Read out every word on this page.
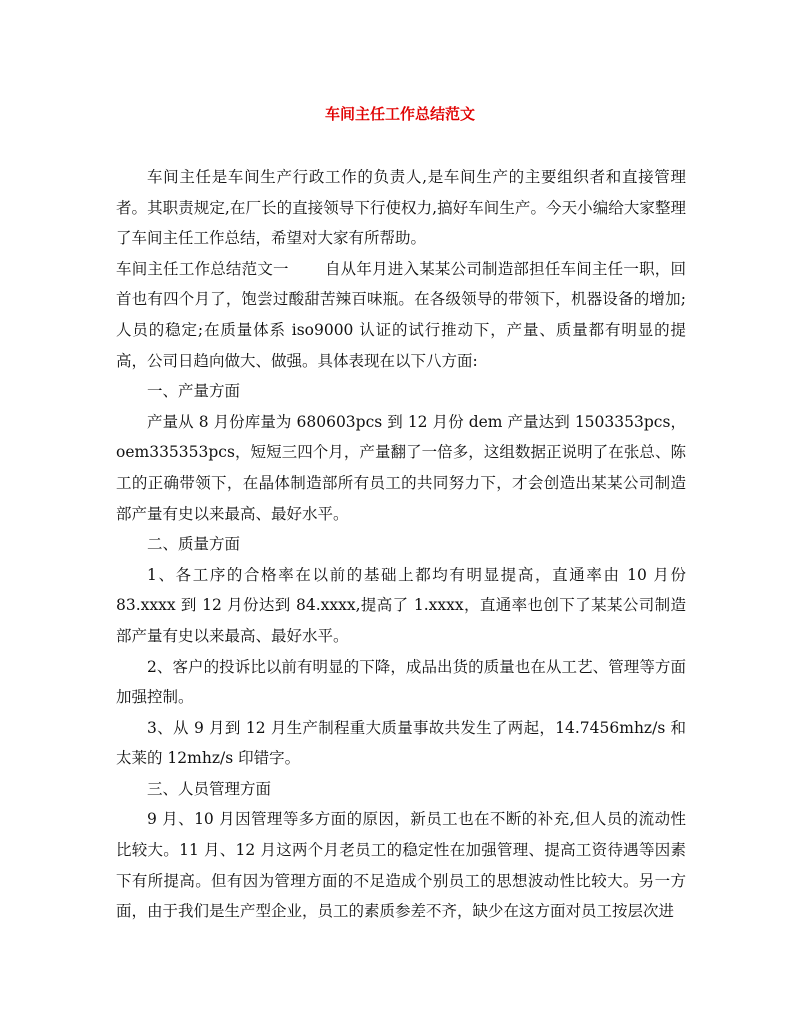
车间主任工作总结范文

车间主任是车间生产行政工作的负责人,是车间生产的主要组织者和直接管理者。其职责规定,在厂长的直接领导下行使权力,搞好车间生产。今天小编给大家整理了车间主任工作总结，希望对大家有所帮助。

车间主任工作总结范文一 自从年月进入某某公司制造部担任车间主任一职，回首也有四个月了，饱尝过酸甜苦辣百味瓶。在各级领导的带领下，机器设备的增加;人员的稳定;在质量体系 iso9000 认证的试行推动下，产量、质量都有明显的提高，公司日趋向做大、做强。具体表现在以下八方面:

一、产量方面

产量从 8 月份库量为 680603pcs 到 12 月份 dem 产量达到 1503353pcs，oem335353pcs，短短三四个月，产量翻了一倍多，这组数据正说明了在张总、陈工的正确带领下，在晶体制造部所有员工的共同努力下，才会创造出某某公司制造部产量有史以来最高、最好水平。

二、质量方面

1、各工序的合格率在以前的基础上都均有明显提高，直通率由 10 月份 83.xxxx 到 12 月份达到 84.xxxx,提高了 1.xxxx，直通率也创下了某某公司制造部产量有史以来最高、最好水平。

2、客户的投诉比以前有明显的下降，成品出货的质量也在从工艺、管理等方面加强控制。

3、从 9 月到 12 月生产制程重大质量事故共发生了两起，14.7456mhz/s 和太莱的 12mhz/s 印错字。

三、人员管理方面

9 月、10 月因管理等多方面的原因，新员工也在不断的补充,但人员的流动性比较大。11 月、12 月这两个月老员工的稳定性在加强管理、提高工资待遇等因素下有所提高。但有因为管理方面的不足造成个别员工的思想波动性比较大。另一方面，由于我们是生产型企业，员工的素质参差不齐，缺少在这方面对员工按层次进
